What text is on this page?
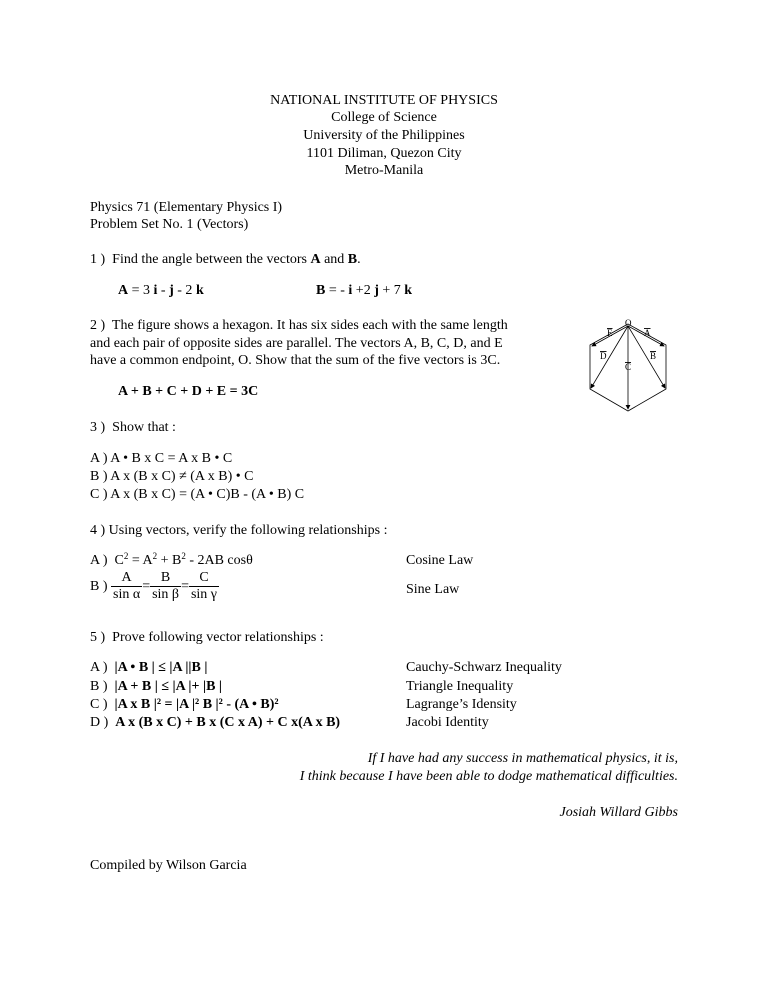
NATIONAL INSTITUTE OF PHYSICS
College of Science
University of the Philippines
1101 Diliman, Quezon City
Metro-Manila
Physics 71 (Elementary Physics I)
Problem Set No. 1 (Vectors)
1 ) Find the angle between the vectors A and B.
A = 3 i - j - 2 k	B = - i +2 j + 7 k
2 ) The figure shows a hexagon. It has six sides each with the same length
and each pair of opposite sides are parallel. The vectors A, B, C, D, and E
have a common endpoint, O. Show that the sum of the five vectors is 3C.
A + B + C + D + E = 3C
O
E	A
D	B
C
3 ) Show that :
A ) A • B x C = A x B • C
B ) A x (B x C) ≠ (A x B) • C
C ) A x (B x C) = (A • C)B - (A • B) C
4 ) Using vectors, verify the following relationships :
A ) $C^2 = A^2 + B^2 - 2AB$ cosθ	Cosine Law
B ) $\frac{A}{\text{sin α}} = \frac{B}{\text{sin β}} = \frac{C}{\text{sin γ}}$	Sine Law
5 ) Prove following vector relationships :
A ) |A • B | ≤ |A ||B |	Cauchy-Schwarz Inequality
B ) |A + B | ≤ |A |+ |B |	Triangle Inequality
C ) |A x B |² = |A |² B |² - (A • B)²	Lagrange’s Idensity
D ) A x (B x C) + B x (C x A) + C x(A x B)	Jacobi Identity
If I have had any success in mathematical physics, it is,
I think because I have been able to dodge mathematical difficulties.
Josiah Willard Gibbs
Compiled by Wilson Garcia
